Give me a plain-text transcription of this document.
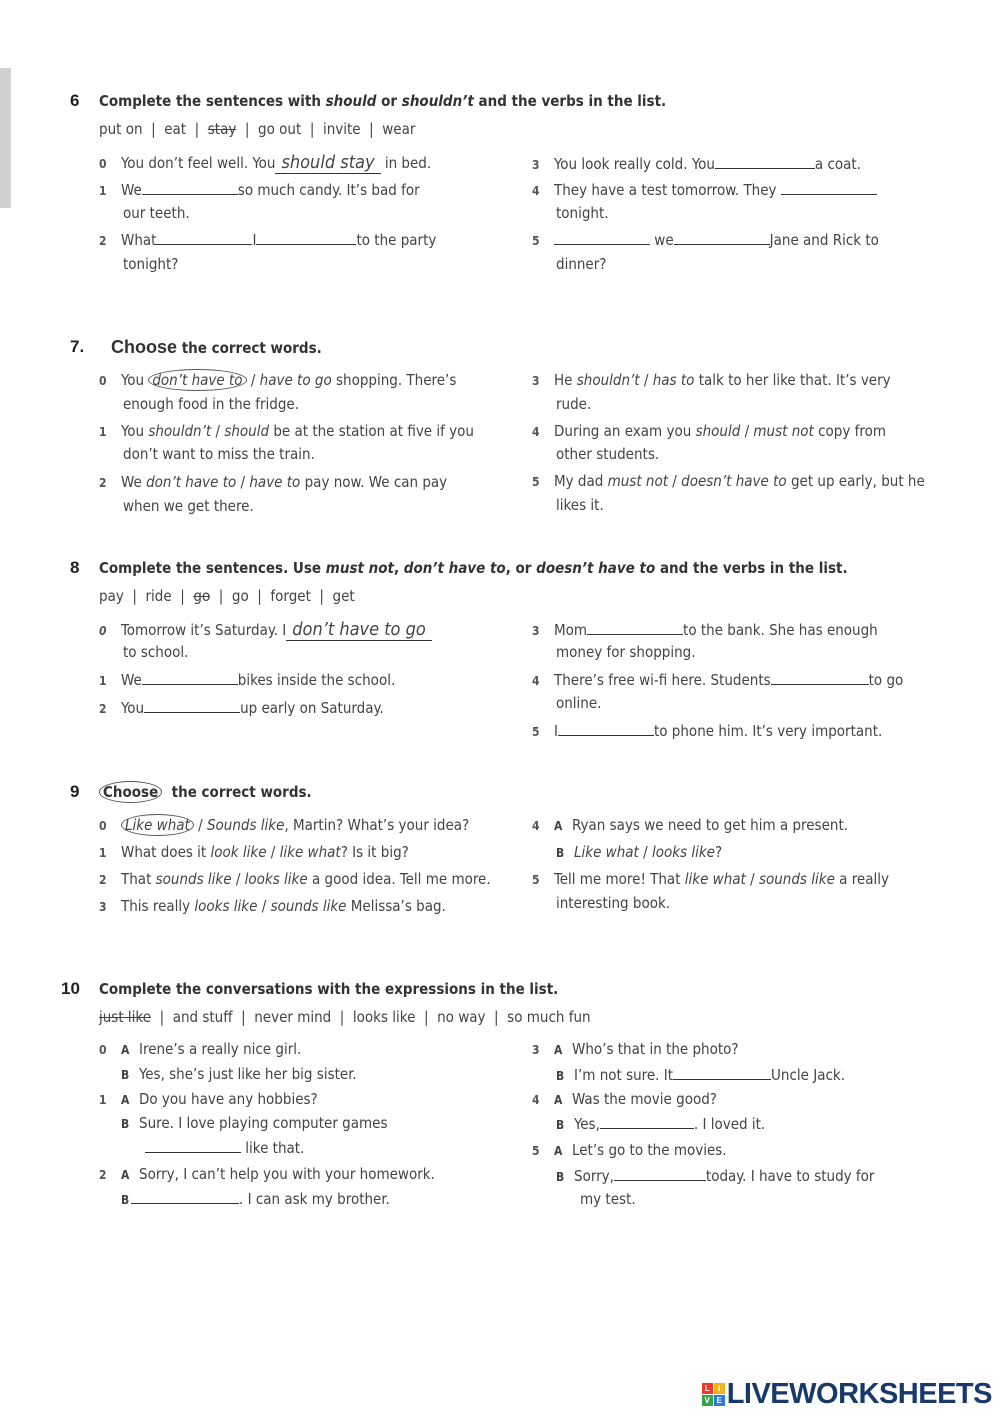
6 Complete the sentences with should or shouldn’t and the verbs in the list.
put on  |  eat  |  stay  |  go out  |  invite  |  wear
0 You don’t feel well. You should stay in bed.
1 We	so much candy. It’s bad for
our teeth.
2 What	I	to the party
tonight?
3 You look really cold. You	a coat.
4 They have a test tomorrow. They
tonight.
5	we	Jane and Rick to
dinner?
7. Choose the correct words.
0 You don’t have to / have to go shopping. There’s
enough food in the fridge.
1 You shouldn’t / should be at the station at five if you
don’t want to miss the train.
2 We don’t have to / have to pay now. We can pay
when we get there.
3 He shouldn’t / has to talk to her like that. It’s very
rude.
4 During an exam you should / must not copy from
other students.
5 My dad must not / doesn’t have to get up early, but he
likes it.
8 Complete the sentences. Use must not, don’t have to, or doesn’t have to and the verbs in the list.
pay  |  ride  |  go  |  go  |  forget  |  get
0 Tomorrow it’s Saturday. I don’t have to go
to school.
1 We	bikes inside the school.
2 You	up early on Saturday.
3 Mom	to the bank. She has enough
money for shopping.
4 There’s free wi-fi here. Students	to go
online.
5 I	to phone him. It’s very important.
9 Choose the correct words.
0 Like what / Sounds like, Martin? What’s your idea?
1 What does it look like / like what? Is it big?
2 That sounds like / looks like a good idea. Tell me more.
3 This really looks like / sounds like Melissa’s bag.
4 A Ryan says we need to get him a present.
B Like what / looks like?
5 Tell me more! That like what / sounds like a really
interesting book.
10 Complete the conversations with the expressions in the list.
just like  |  and stuff  |  never mind  |  looks like  |  no way  |  so much fun
0 A Irene’s a really nice girl.
B Yes, she’s just like her big sister.
1 A Do you have any hobbies?
B Sure. I love playing computer games
like that.
2 A Sorry, I can’t help you with your homework.
B	. I can ask my brother.
3 A Who’s that in the photo?
B I’m not sure. It	Uncle Jack.
4 A Was the movie good?
B Yes,	. I loved it.
5 A Let’s go to the movies.
B Sorry,	today. I have to study for
my test.
L	I
V E LIVEWORKSHEETS
